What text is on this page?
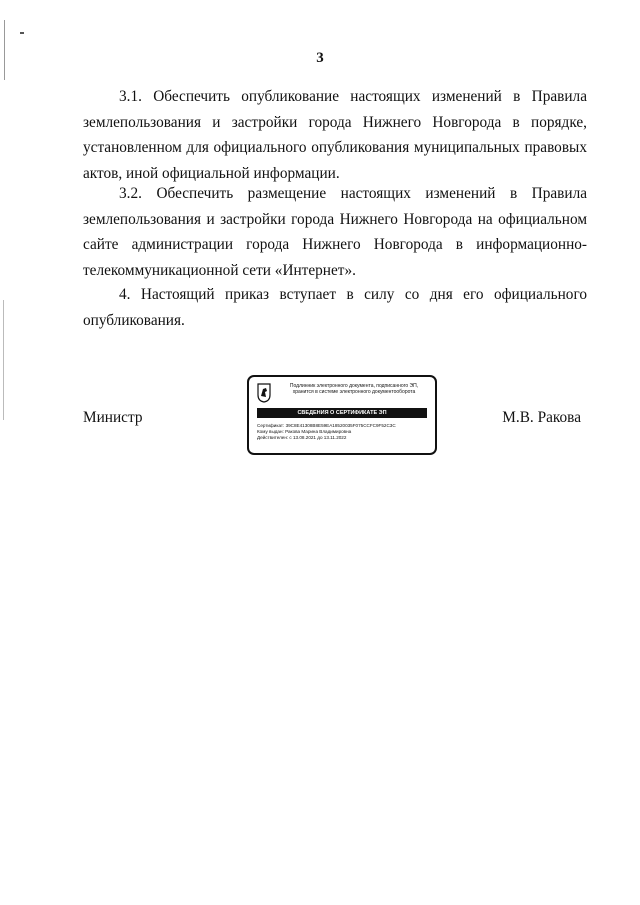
3

3.1. Обеспечить опубликование настоящих изменений в Правила землепользования и застройки города Нижнего Новгорода в порядке, установленном для официального опубликования муниципальных правовых актов, иной официальной информации.

3.2. Обеспечить размещение настоящих изменений в Правила землепользования и застройки города Нижнего Новгорода на официальном сайте администрации города Нижнего Новгорода в информационно-телекоммуникационной сети «Интернет».

4. Настоящий приказ вступает в силу со дня его официального опубликования.

Министр	М.В. Ракова
Подлинник электронного документа, подписанного ЭП,
хранится в системе электронного документооборота
СВЕДЕНИЯ О СЕРТИФИКАТЕ ЭП
Сертификат: 39C8E41308B8E59EA18520035F075CCFC9F52C3C
Кому выдан: Ракова Марина Владимировна
Действителен: с 13.08.2021 до 13.11.2022
